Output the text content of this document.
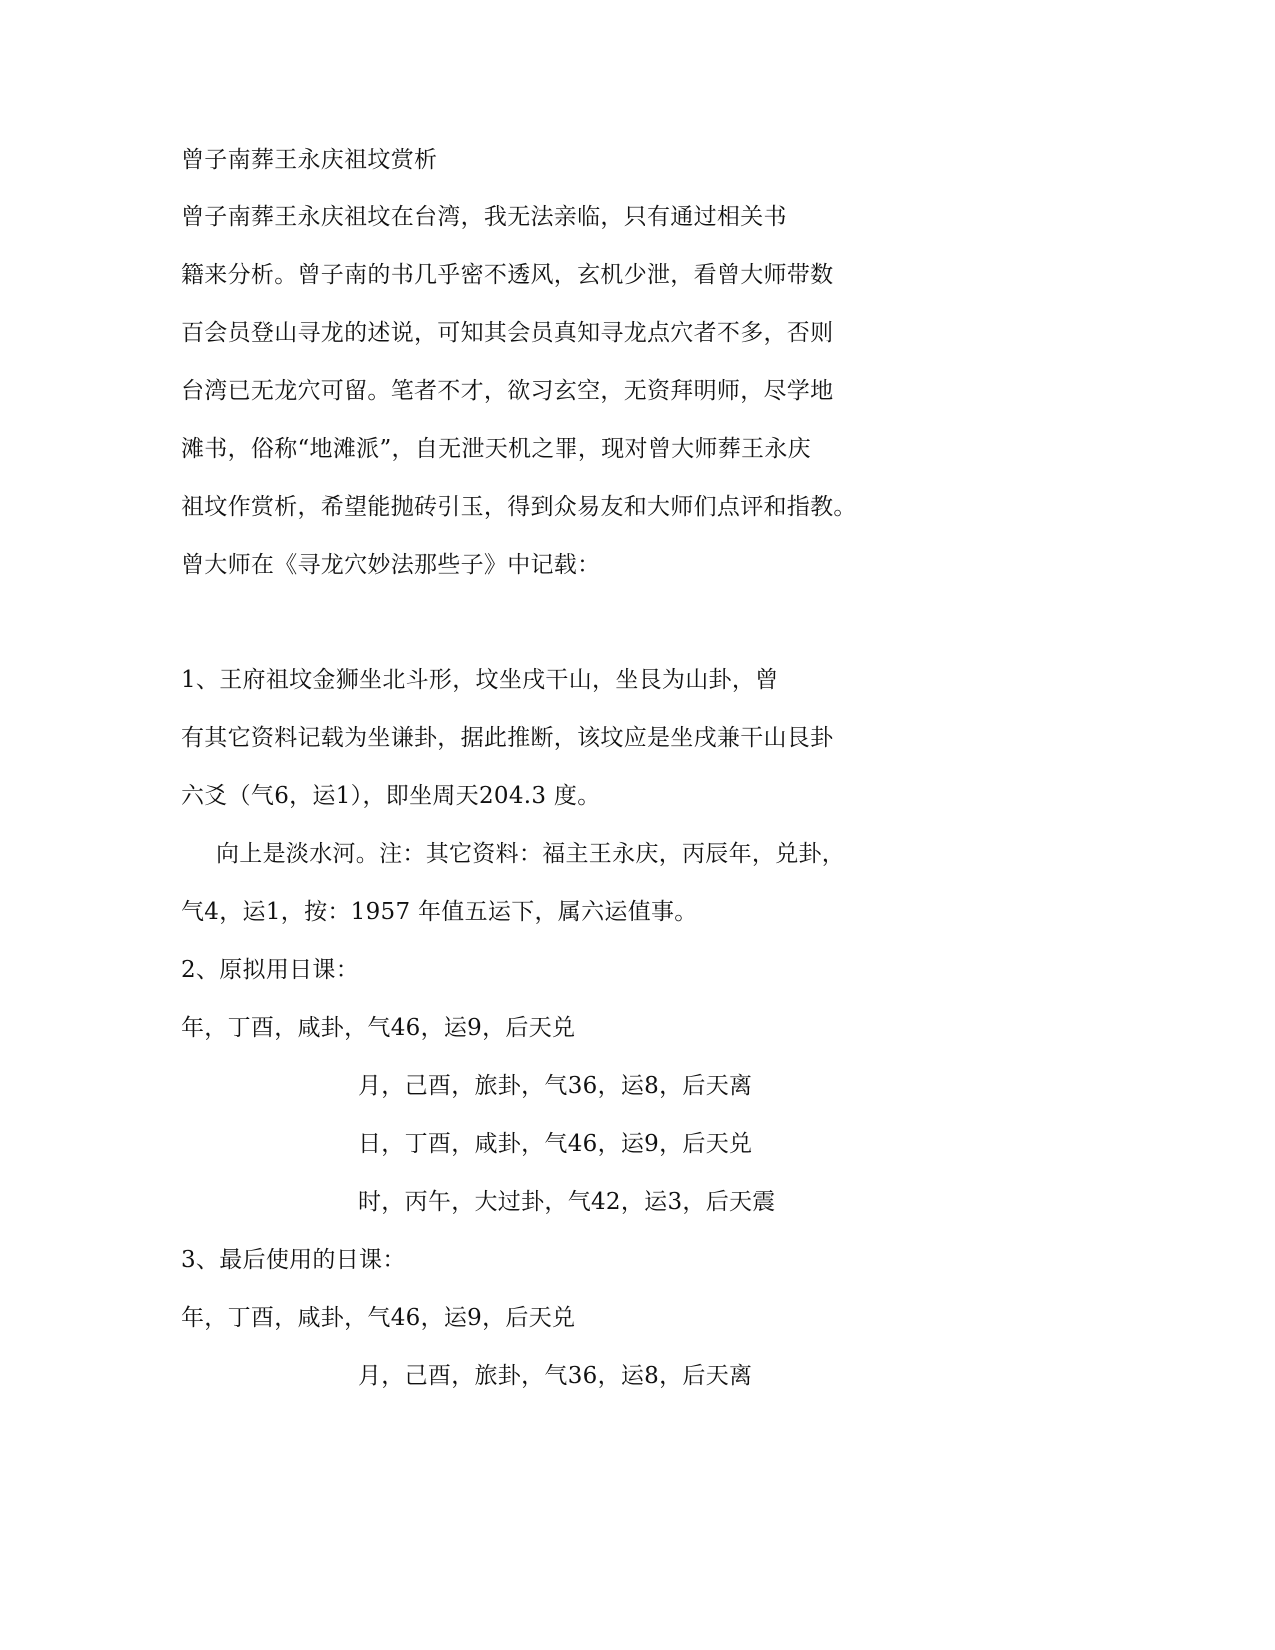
曾子南葬王永庆祖坟赏析
曾子南葬王永庆祖坟在台湾，我无法亲临，只有通过相关书
籍来分析。曾子南的书几乎密不透风，玄机少泄，看曾大师带数
百会员登山寻龙的述说，可知其会员真知寻龙点穴者不多，否则
台湾已无龙穴可留。笔者不才，欲习玄空，无资拜明师，尽学地
滩书，俗称“地滩派”，自无泄天机之罪，现对曾大师葬王永庆
祖坟作赏析，希望能抛砖引玉，得到众易友和大师们点评和指教。
曾大师在《寻龙穴妙法那些子》中记载：
1、王府祖坟金狮坐北斗形，坟坐戌干山，坐艮为山卦，曾
有其它资料记载为坐谦卦，据此推断，该坟应是坐戌兼干山艮卦
六爻（气6，运1），即坐周天204.3 度。
向上是淡水河。注：其它资料：福主王永庆，丙辰年，兑卦，
气4，运1，按：1957 年值五运下，属六运值事。
2、原拟用日课：
年，丁酉，咸卦，气46，运9，后天兑
月，己酉，旅卦，气36，运8，后天离
日，丁酉，咸卦，气46，运9，后天兑
时，丙午，大过卦，气42，运3，后天震
3、最后使用的日课：
年，丁酉，咸卦，气46，运9，后天兑
月，己酉，旅卦，气36，运8，后天离
